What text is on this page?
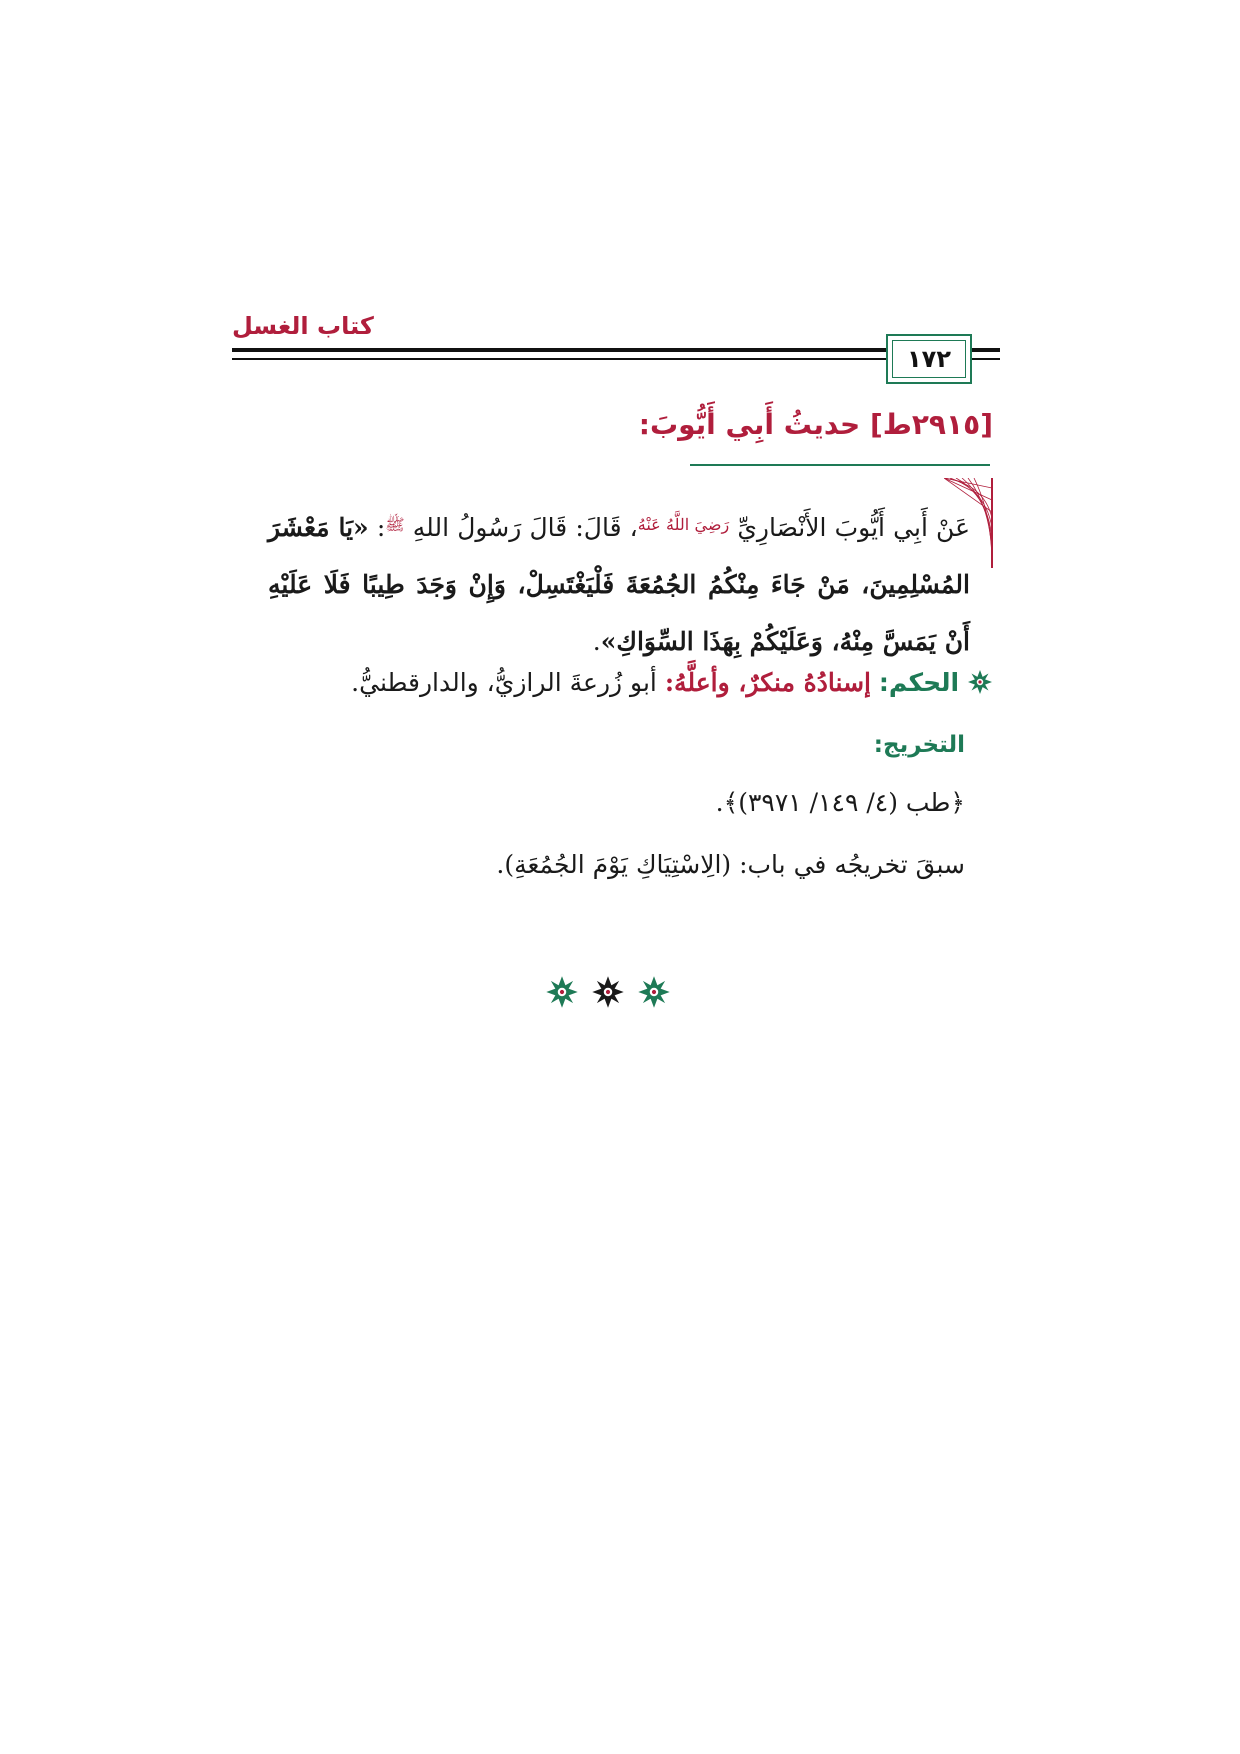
كتاب الغسل
١٧٢
[٢٩١٥ط] حديثُ أَبِي أَيُّوبَ:
عَنْ أَبِي أَيُّوبَ الأَنْصَارِيِّ $^{رَضِيَ اللَّهُ عَنْهُ}$، قَالَ: قَالَ رَسُولُ اللهِ $^ﷺ$: «يَا مَعْشَرَ المُسْلِمِينَ، مَنْ جَاءَ مِنْكُمُ الجُمُعَةَ فَلْيَغْتَسِلْ، وَإِنْ وَجَدَ طِيبًا فَلَا عَلَيْهِ أَنْ يَمَسَّ مِنْهُ، وَعَلَيْكُمْ بِهَذَا السِّوَاكِ».
الحكم: إسنادُهُ منكرٌ، وأعلَّهُ: أبو زُرعةَ الرازيُّ، والدارقطنيُّ.
التخريج:
﴿طب (٤/ ١٤٩/ ٣٩٧١)﴾.
سبقَ تخريجُه في باب: (الِاسْتِيَاكِ يَوْمَ الجُمُعَةِ).
